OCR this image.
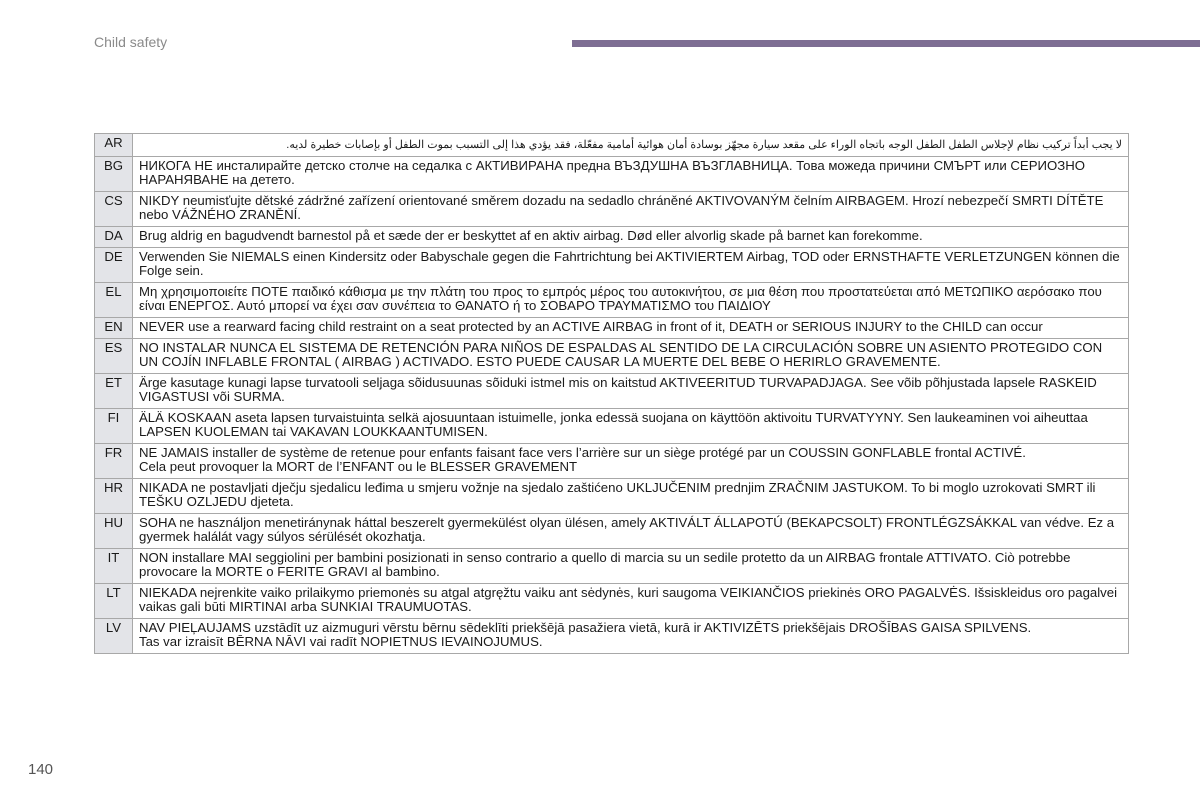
Child safety
AR	لا يجب أبداً تركيب نظام لإجلاس الطفل الطفل الوجه باتجاه الوراء على مقعد سيارة مجهّز بوسادة أمان هوائية أمامية مفعّلة، فقد يؤدي هذا إلى التسبب بموت الطفل أو بإصابات خطيرة لديه.
BG	НИКОГА НЕ инсталирайте детско столче на седалка с АКТИВИРАНА предна ВЪЗДУШНА ВЪЗГЛАВНИЦА. Това можеда причини СМЪРТ или СЕРИОЗНО НАРАНЯВАНЕ на детето.
CS	NIKDY neumisťujte dětské zádržné zařízení orientované směrem dozadu na sedadlo chráněné AKTIVOVANÝM čelním AIRBAGEM. Hrozí nebezpečí SMRTI DÍTĚTE nebo VÁŽNÉHO ZRANĚNÍ.
DA	Brug aldrig en bagudvendt barnestol på et sæde der er beskyttet af en aktiv airbag. Død eller alvorlig skade på barnet kan forekomme.
DE	Verwenden Sie NIEMALS einen Kindersitz oder Babyschale gegen die Fahrtrichtung bei AKTIVIERTEM Airbag, TOD oder ERNSTHAFTE VERLETZUNGEN können die Folge sein.
EL	Μη χρησιμοποιείτε ΠΟΤΕ παιδικό κάθισμα με την πλάτη του προς το εμπρός μέρος του αυτοκινήτου, σε μια θέση που προστατεύεται από ΜΕΤΩΠΙΚΟ αερόσακο που είναι ΕΝΕΡΓΟΣ. Αυτό μπορεί να έχει σαν συνέπεια το ΘΑΝΑΤΟ ή το ΣΟΒΑΡΟ ΤΡΑΥΜΑΤΙΣΜΟ του ΠΑΙΔΙΟΥ
EN	NEVER use a rearward facing child restraint on a seat protected by an ACTIVE AIRBAG in front of it, DEATH or SERIOUS INJURY to the CHILD can occur
ES	NO INSTALAR NUNCA EL SISTEMA DE RETENCIÓN PARA NIÑOS DE ESPALDAS AL SENTIDO DE LA CIRCULACIÓN SOBRE UN ASIENTO PROTEGIDO CON UN COJÍN INFLABLE FRONTAL ( AIRBAG ) ACTIVADO. ESTO PUEDE CAUSAR LA MUERTE DEL BEBE O HERIRLO GRAVEMENTE.
ET	Ärge kasutage kunagi lapse turvatooli seljaga sõidusuunas sõiduki istmel mis on kaitstud AKTIVEERITUD TURVAPADJAGA. See võib põhjustada lapsele RASKEID VIGASTUSI või SURMA.
FI	ÄLÄ KOSKAAN aseta lapsen turvaistuinta selkä ajosuuntaan istuimelle, jonka edessä suojana on käyttöön aktivoitu TURVATYYNY. Sen laukeaminen voi aiheuttaa LAPSEN KUOLEMAN tai VAKAVAN LOUKKAANTUMISEN.
FR	NE JAMAIS installer de système de retenue pour enfants faisant face vers l’arrière sur un siège protégé par un COUSSIN GONFLABLE frontal ACTIVÉ.
Cela peut provoquer la MORT de l’ENFANT ou le BLESSER GRAVEMENT
HR	NIKADA ne postavljati dječju sjedalicu leđima u smjeru vožnje na sjedalo zaštićeno UKLJUČENIM prednjim ZRAČNIM JASTUKOM. To bi moglo uzrokovati SMRT ili TEŠKU OZLJEDU djeteta.
HU	SOHA ne használjon menetiránynak háttal beszerelt gyermekülést olyan ülésen, amely AKTIVÁLT ÁLLAPOTÚ (BEKAPCSOLT) FRONTLÉGZSÁKKAL van védve. Ez a gyermek halálát vagy súlyos sérülését okozhatja.
IT	NON installare MAI seggiolini per bambini posizionati in senso contrario a quello di marcia su un sedile protetto da un AIRBAG frontale ATTIVATO. Ciò potrebbe provocare la MORTE o FERITE GRAVI al bambino.
LT	NIEKADA nejrenkite vaiko prilaikymo priemonės su atgal atgręžtu vaiku ant sėdynės, kuri saugoma VEIKIANČIOS priekinės ORO PAGALVĖS. Išsiskleidus oro pagalvei vaikas gali būti MIRTINAI arba SUNKIAI TRAUMUOTAS.
LV	NAV PIEĻAUJAMS uzstādīt uz aizmuguri vērstu bērnu sēdeklīti priekšējā pasažiera vietā, kurā ir AKTIVIZĒTS priekšējais DROŠĪBAS GAISA SPILVENS.
Tas var izraisīt BĒRNA NĀVI vai radīt NOPIETNUS IEVAINOJUMUS.
140
